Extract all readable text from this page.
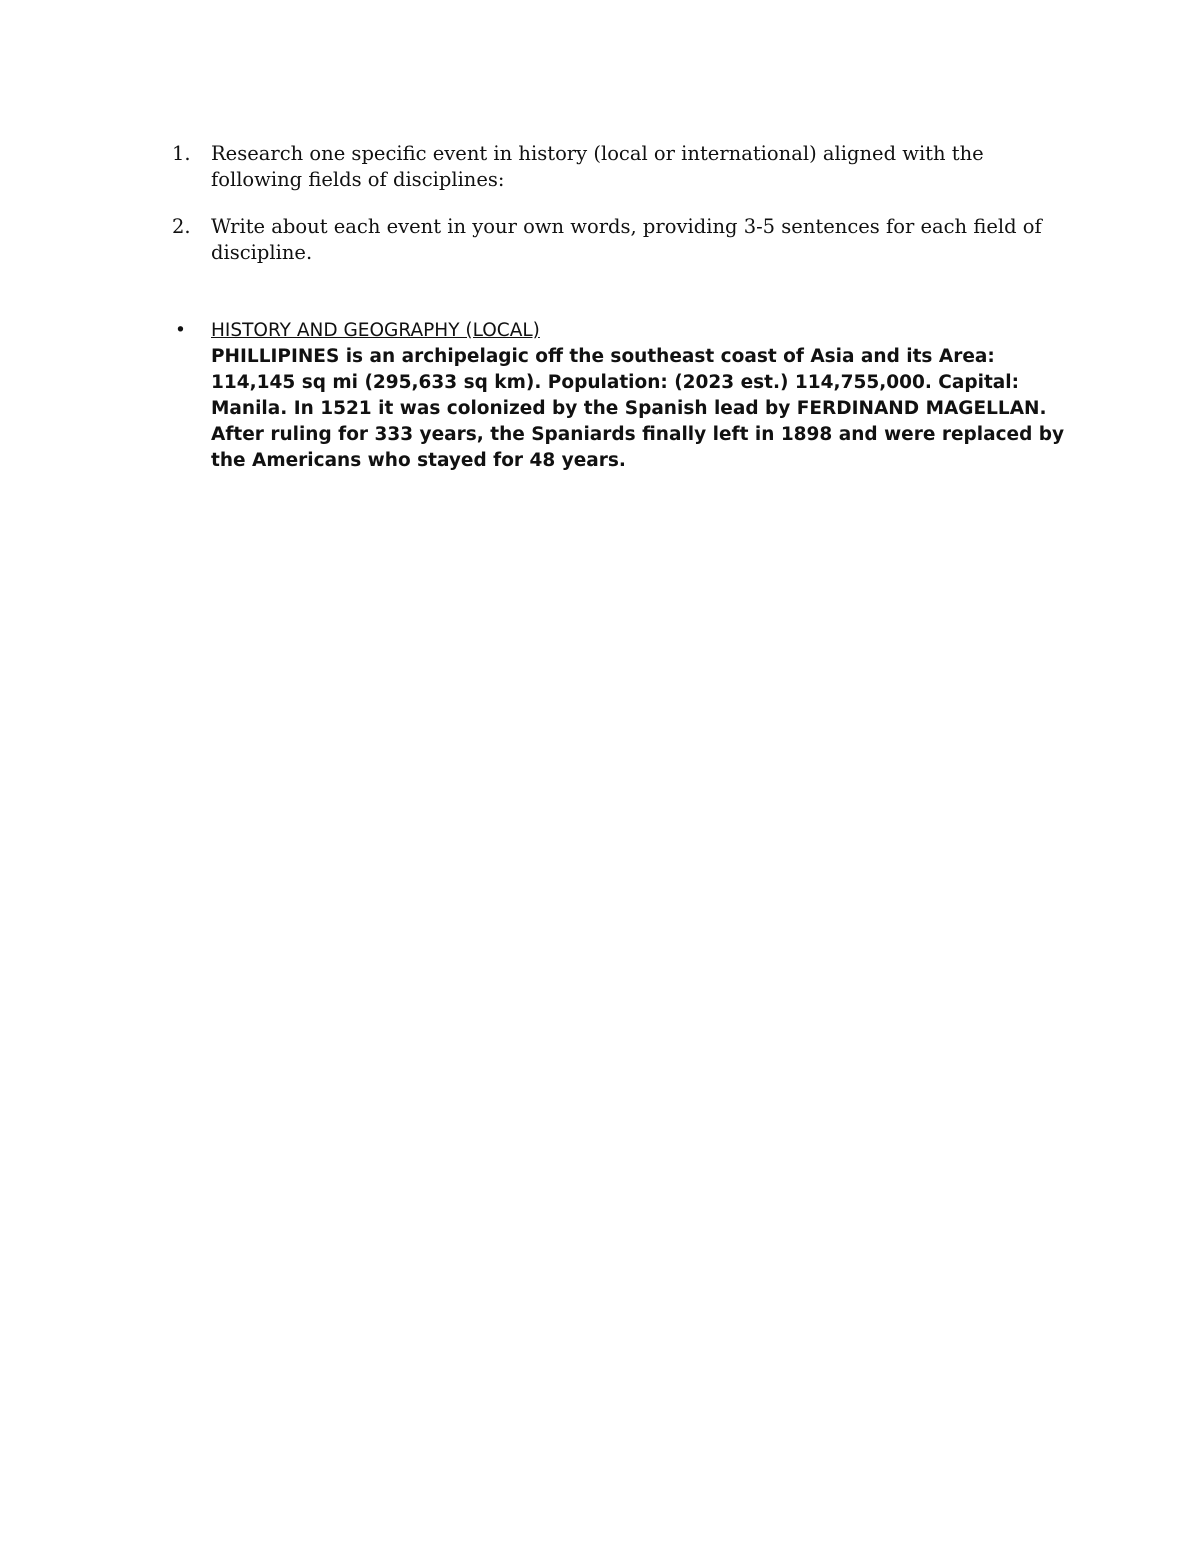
1. Research one specific event in history (local or international) aligned with the following fields of disciplines:
2. Write about each event in your own words, providing 3-5 sentences for each field of discipline.
• HISTORY AND GEOGRAPHY (LOCAL)
PHILLIPINES is an archipelagic off the southeast coast of Asia and its Area: 114,145 sq mi (295,633 sq km). Population: (2023 est.) 114,755,000. Capital: Manila. In 1521 it was colonized by the Spanish lead by FERDINAND MAGELLAN. After ruling for 333 years, the Spaniards finally left in 1898 and were replaced by the Americans who stayed for 48 years.
